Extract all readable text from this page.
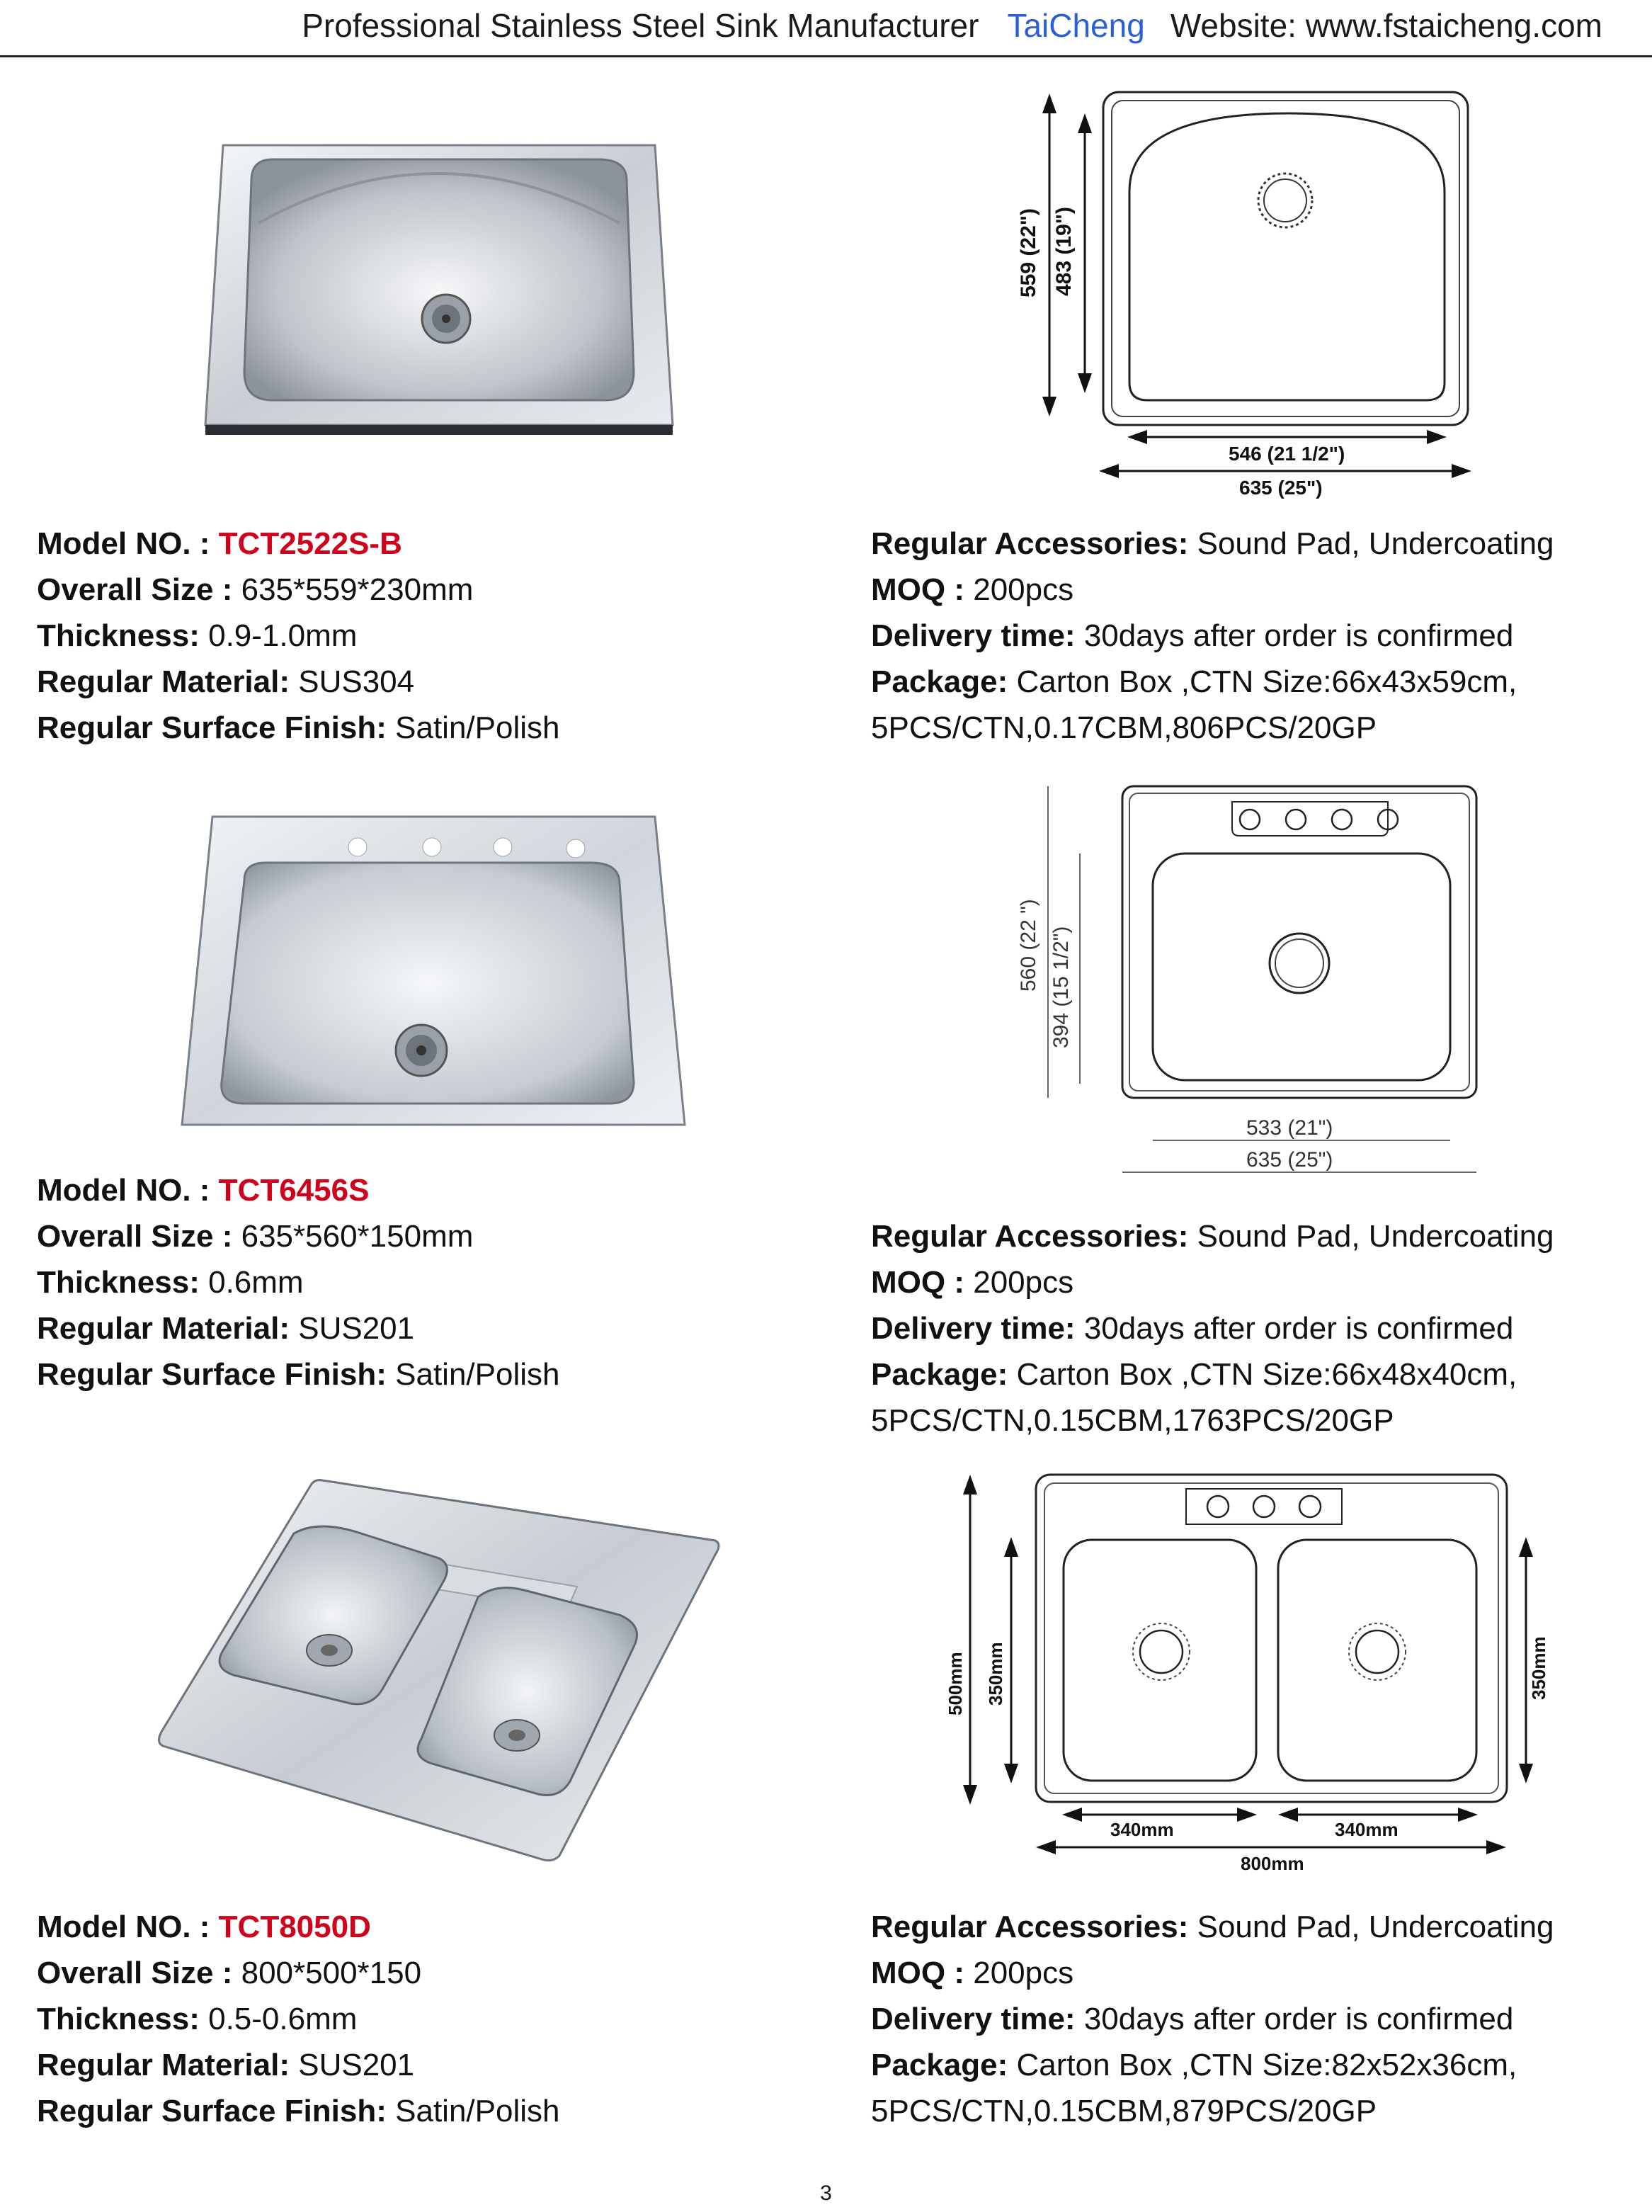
Professional Stainless Steel Sink Manufacturer TaiCheng Website: www.fstaicheng.com
559 (22") 483 (19")
546 (21 1/2")
635 (25")
Model NO. : TCT2522S-B
Overall Size : 635*559*230mm
Thickness: 0.9-1.0mm
Regular Material: SUS304
Regular Surface Finish: Satin/Polish
Regular Accessories: Sound Pad, Undercoating
MOQ : 200pcs
Delivery time: 30days after order is confirmed
Package: Carton Box ,CTN Size:66x43x59cm,
5PCS/CTN,0.17CBM,806PCS/20GP
560 (22 ") 394 (15 1/2")
533 (21")
635 (25")
Model NO. : TCT6456S
Overall Size : 635*560*150mm
Thickness: 0.6mm
Regular Material: SUS201
Regular Surface Finish: Satin/Polish
Regular Accessories: Sound Pad, Undercoating
MOQ : 200pcs
Delivery time: 30days after order is confirmed
Package: Carton Box ,CTN Size:66x48x40cm,
5PCS/CTN,0.15CBM,1763PCS/20GP
500mm 350mm	350mm
340mm	340mm
800mm
Model NO. : TCT8050D
Overall Size : 800*500*150
Thickness: 0.5-0.6mm
Regular Material: SUS201
Regular Surface Finish: Satin/Polish
Regular Accessories: Sound Pad, Undercoating
MOQ : 200pcs
Delivery time: 30days after order is confirmed
Package: Carton Box ,CTN Size:82x52x36cm,
5PCS/CTN,0.15CBM,879PCS/20GP
3
